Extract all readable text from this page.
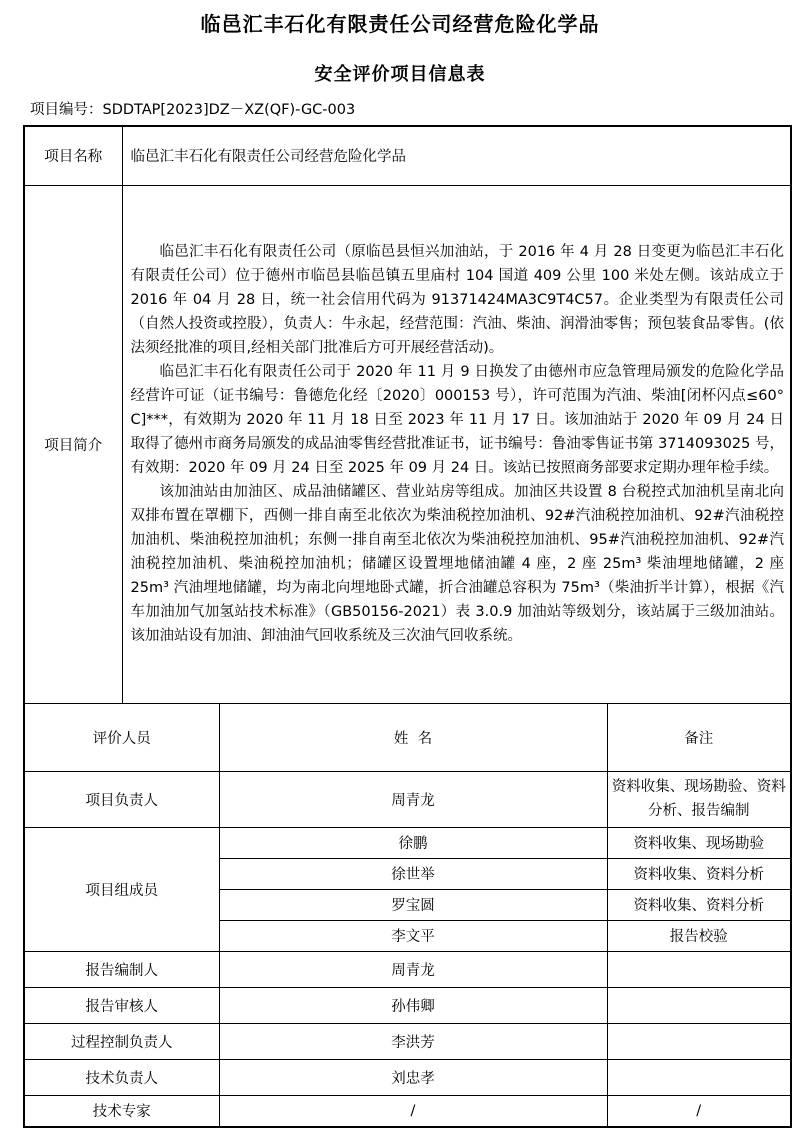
临邑汇丰石化有限责任公司经营危险化学品
安全评价项目信息表
项目编号：SDDTAP[2023]DZ－XZ(QF)-GC-003
项目名称	临邑汇丰石化有限责任公司经营危险化学品		
项目简介	临邑汇丰石化有限责任公司（原临邑县恒兴加油站，于 2016 年 4 月 28 日变更为临邑汇丰石化有限责任公司）位于德州市临邑县临邑镇五里庙村 104 国道 409 公里 100 米处左侧。该站成立于 2016 年 04 月 28 日，统一社会信用代码为 91371424MA3C9T4C57。企业类型为有限责任公司（自然人投资或控股），负责人：牛永起，经营范围：汽油、柴油、润滑油零售；预包装食品零售。(依法须经批准的项目,经相关部门批准后方可开展经营活动)。

临邑汇丰石化有限责任公司于 2020 年 11 月 9 日换发了由德州市应急管理局颁发的危险化学品经营许可证（证书编号：鲁德危化经〔2020〕000153 号），许可范围为汽油、柴油[闭杯闪点≤60° C]***，有效期为 2020 年 11 月 18 日至 2023 年 11 月 17 日。该加油站于 2020 年 09 月 24 日取得了德州市商务局颁发的成品油零售经营批准证书，证书编号：鲁油零售证书第 3714093025 号，有效期：2020 年 09 月 24 日至 2025 年 09 月 24 日。该站已按照商务部要求定期办理年检手续。

该加油站由加油区、成品油储罐区、营业站房等组成。加油区共设置 8 台税控式加油机呈南北向双排布置在罩棚下，西侧一排自南至北依次为柴油税控加油机、92#汽油税控加油机、92#汽油税控加油机、柴油税控加油机；东侧一排自南至北依次为柴油税控加油机、95#汽油税控加油机、92#汽油税控加油机、柴油税控加油机；储罐区设置埋地储油罐 4 座，2 座 25m³ 柴油埋地储罐，2 座 25m³ 汽油埋地储罐，均为南北向埋地卧式罐，折合油罐总容积为 75m³（柴油折半计算），根据《汽车加油加气加氢站技术标准》（GB50156-2021）表 3.0.9 加油站等级划分，该站属于三级加油站。该加油站设有加油、卸油油气回收系统及三次油气回收系统。		

评价人员		姓  名	备注
项目负责人		周青龙	资料收集、现场勘验、资料分析、报告编制
项目组成员		徐鹏	资料收集、现场勘验
		徐世举	资料收集、资料分析
		罗宝圆	资料收集、资料分析
		李文平	报告校验
报告编制人		周青龙	
报告审核人		孙伟卿	
过程控制负责人		李洪芳	
技术负责人		刘忠孝	
技术专家		/	/
